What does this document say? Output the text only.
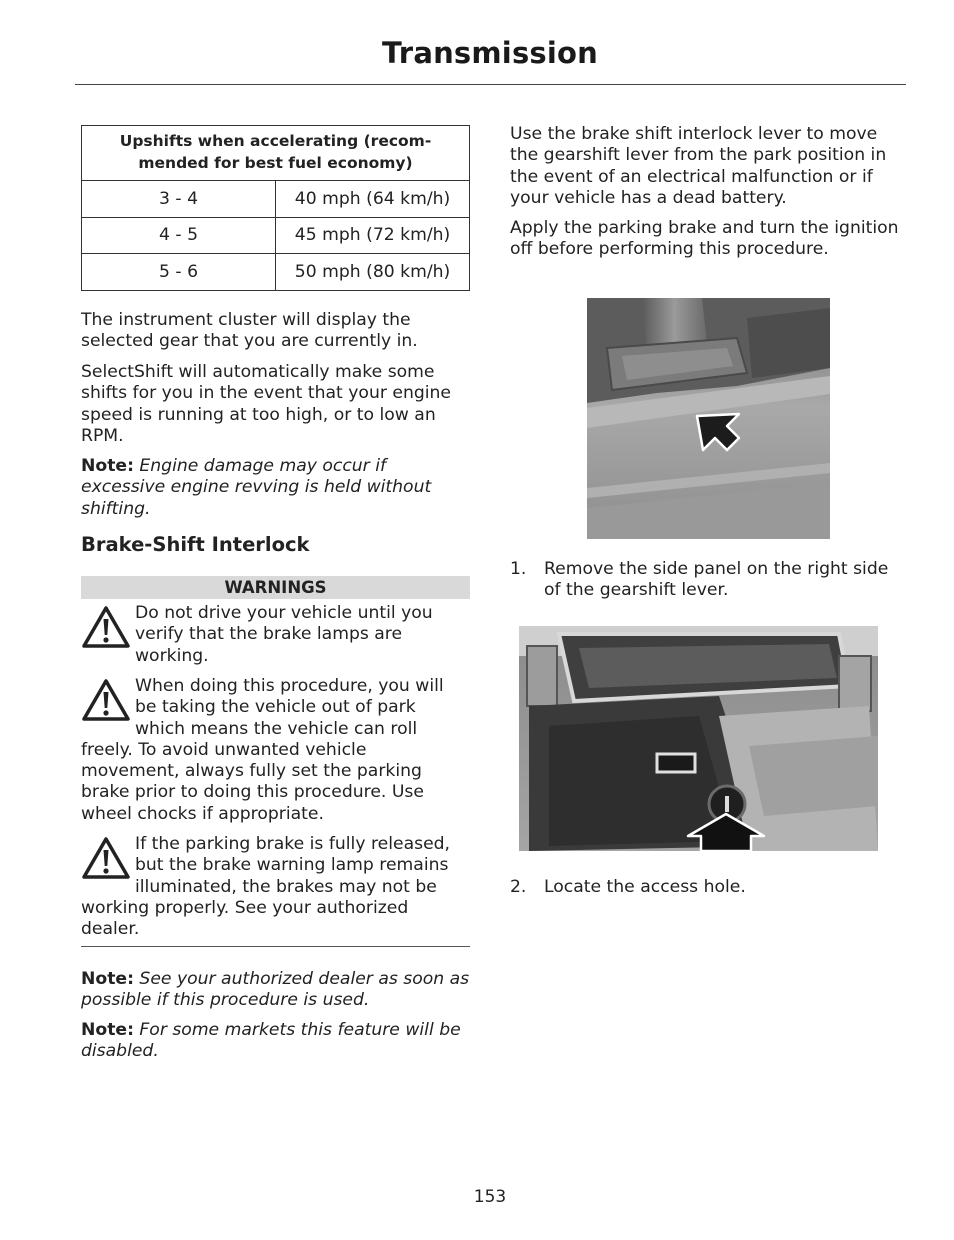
Transmission
Upshifts when accelerating (recom-
mended for best fuel economy)	
3 - 4	40 mph (64 km/h)
4 - 5	45 mph (72 km/h)
5 - 6	50 mph (80 km/h)

The instrument cluster will display the selected gear that you are currently in.

SelectShift will automatically make some shifts for you in the event that your engine speed is running at too high, or to low an RPM.

Note: Engine damage may occur if excessive engine revving is held without shifting.

Brake-Shift Interlock
WARNINGS
Do not drive your vehicle until you verify that the brake lamps are working.
When doing this procedure, you will be taking the vehicle out of park which means the vehicle can roll freely. To avoid unwanted vehicle movement, always fully set the parking brake prior to doing this procedure. Use wheel chocks if appropriate.
If the parking brake is fully released, but the brake warning lamp remains illuminated, the brakes may not be working properly. See your authorized dealer.

Note: See your authorized dealer as soon as possible if this procedure is used.

Note: For some markets this feature will be disabled.

Use the brake shift interlock lever to move the gearshift lever from the park position in the event of an electrical malfunction or if your vehicle has a dead battery.

Apply the parking brake and turn the ignition off before performing this procedure.

1. Remove the side panel on the right side of the gearshift lever.
2. Locate the access hole.
153
